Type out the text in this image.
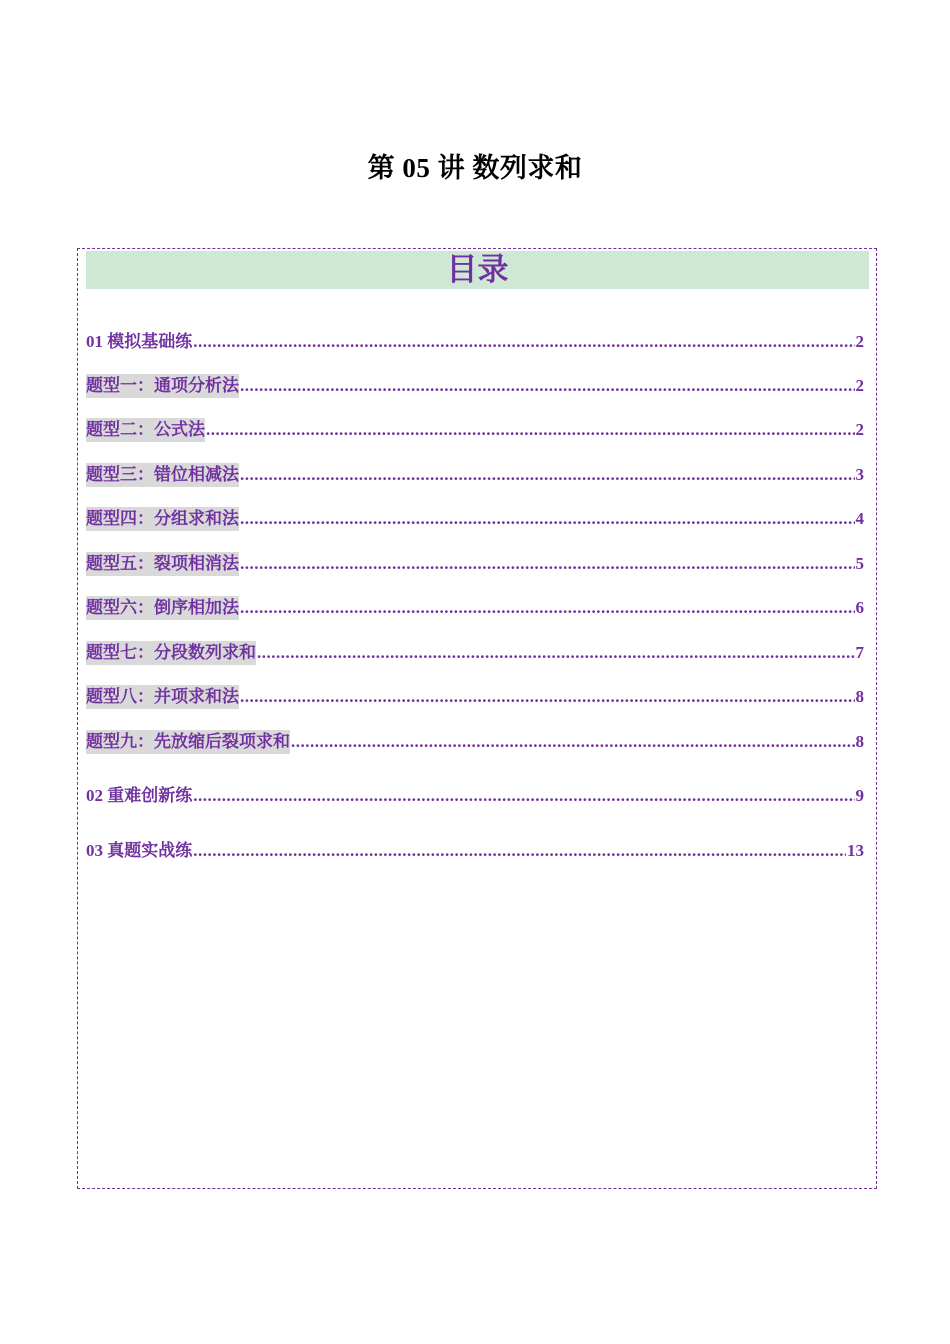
第 05 讲 数列求和
目录
01 模拟基础练 .....	2
题型一：通项分析法 .....	2
题型二：公式法 .....	2
题型三：错位相减法 .....	3
题型四：分组求和法 .....	4
题型五：裂项相消法 .....	5
题型六：倒序相加法 .....	6
题型七：分段数列求和 .....	7
题型八：并项求和法 .....	8
题型九：先放缩后裂项求和 .....	8
02 重难创新练 .....	9
03 真题实战练 .....	13
